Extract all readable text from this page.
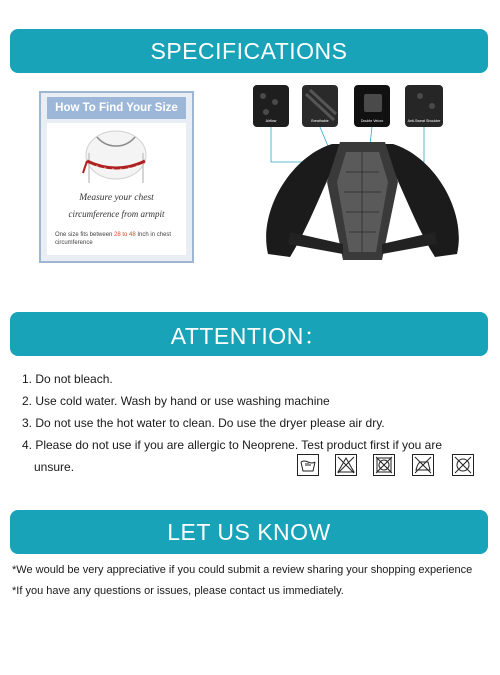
SPECIFICATIONS
How To Find Your Size
Measure your chest
circumference from armpit
One size fits between 28 to 48 Inch in chest circumference
Airflow	Breathable	Double Velcro	Anti-Sweat Shoulder
ATTENTION：
1. Do not bleach.
2. Use cold water. Wash by hand or use washing machine
3. Do not use the hot water to clean. Do use the dryer please air dry.
4. Please do not use if you are allergic to Neoprene. Test product first if you are
unsure.
LET US KNOW

*We would be very appreciative if you could submit a review sharing your shopping experience

*If you have any questions or issues, please contact us immediately.
